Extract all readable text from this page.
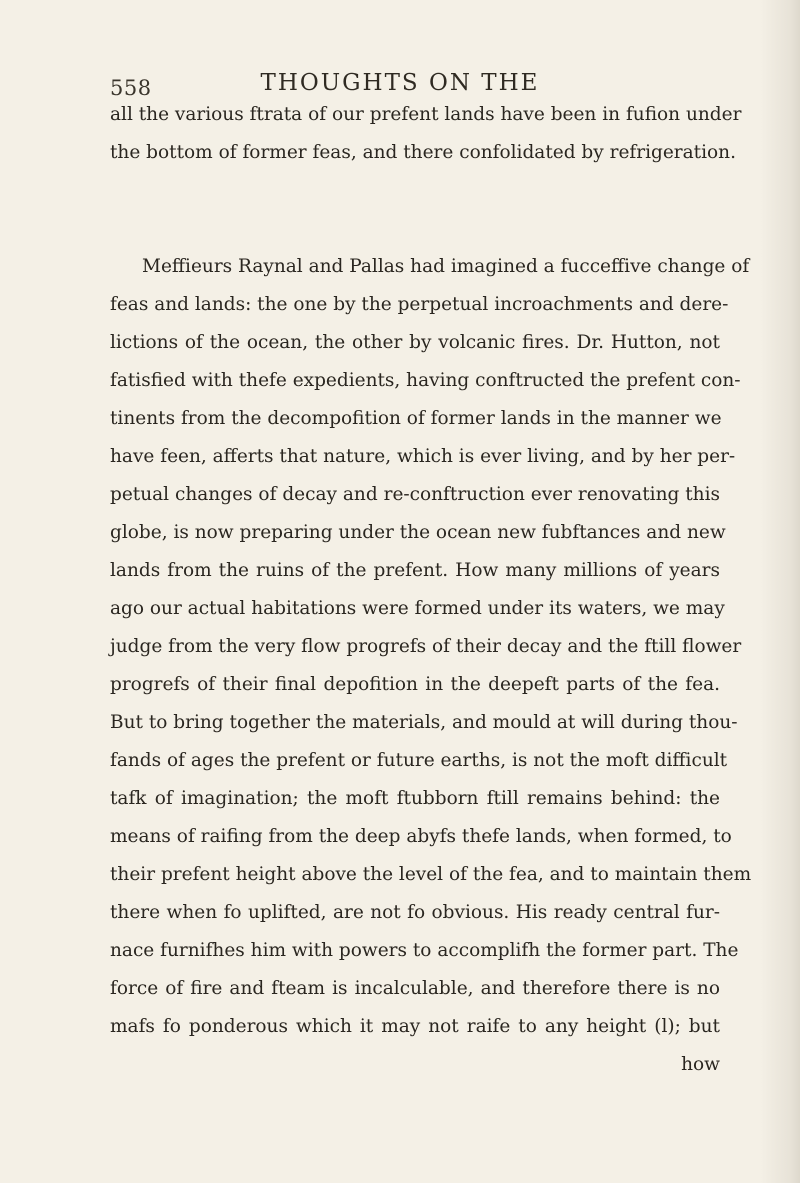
558	THOUGHTS ON THE
all the various ftrata of our prefent lands have been in fufion under
the bottom of former feas, and there confolidated by refrigeration.
Meffieurs Raynal and Pallas had imagined a fucceffive change of
feas and lands: the one by the perpetual incroachments and dere-
lictions of the ocean, the other by volcanic fires. Dr. Hutton, not
fatisfied with thefe expedients, having conftructed the prefent con-
tinents from the decompofition of former lands in the manner we
have feen, afferts that nature, which is ever living, and by her per-
petual changes of decay and re-conftruction ever renovating this
globe, is now preparing under the ocean new fubftances and new
lands from the ruins of the prefent. How many millions of years
ago our actual habitations were formed under its waters, we may
judge from the very flow progrefs of their decay and the ftill flower
progrefs of their final depofition in the deepeft parts of the fea.
But to bring together the materials, and mould at will during thou-
fands of ages the prefent or future earths, is not the moft difficult
tafk of imagination; the moft ftubborn ftill remains behind: the
means of raifing from the deep abyfs thefe lands, when formed, to
their prefent height above the level of the fea, and to maintain them
there when fo uplifted, are not fo obvious. His ready central fur-
nace furnifhes him with powers to accomplifh the former part. The
force of fire and fteam is incalculable, and therefore there is no
mafs fo ponderous which it may not raife to any height (l); but
how
